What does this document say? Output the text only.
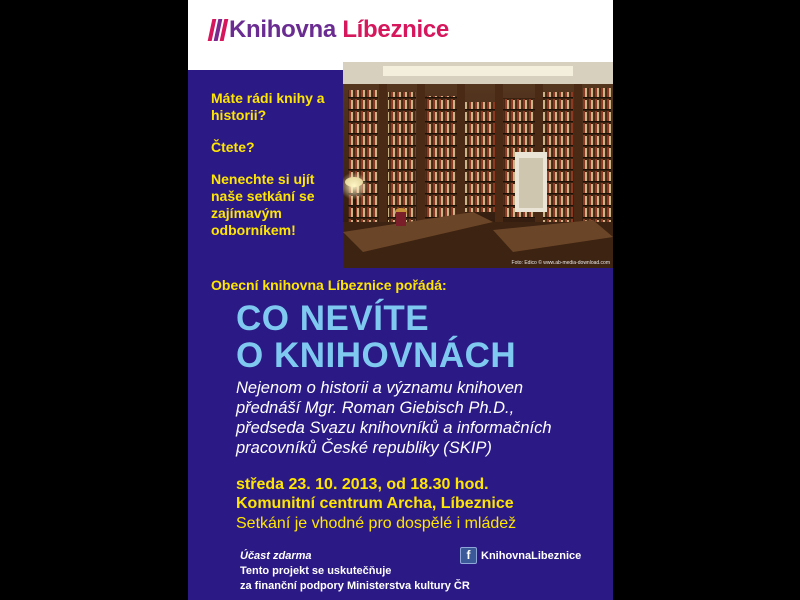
Knihovna Líbeznice
Foto: Edico © www.ab-media-download.com

Máte rádi knihy a historii?

Čtete?

Nenechte si ujít naše setkání se zajímavým odborníkem!

Obecní knihovna Líbeznice pořádá:
CO NEVÍTE
O KNIHOVNÁCH
Nejenom o historii a významu knihoven
přednáší Mgr. Roman Giebisch Ph.D.,
předseda Svazu knihovníků a informačních
pracovníků České republiky (SKIP)
středa 23. 10. 2013, od 18.30 hod.
Komunitní centrum Archa, Líbeznice
Setkání je vhodné pro dospělé i mládež
Účast zdarma
Tento projekt se uskutečňuje
za finanční podpory Ministerstva kultury ČR
f KnihovnaLibeznice
